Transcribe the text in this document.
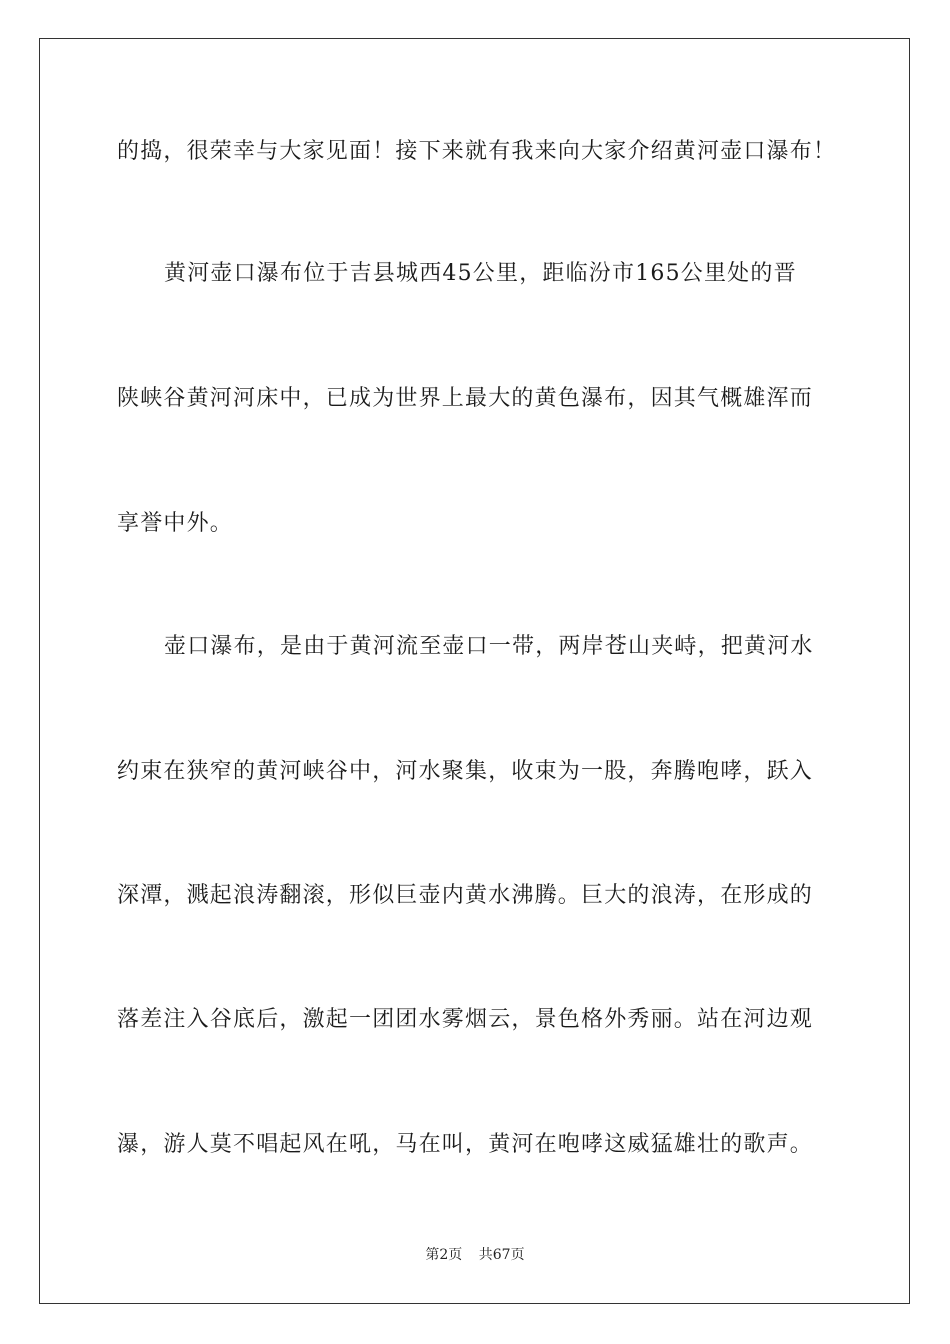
的捣，很荣幸与大家见面！接下来就有我来向大家介绍黄河壶口瀑布！
黄河壶口瀑布位于吉县城西45公里，距临汾市165公里处的晋
陕峡谷黄河河床中，已成为世界上最大的黄色瀑布，因其气概雄浑而
享誉中外。
壶口瀑布，是由于黄河流至壶口一带，两岸苍山夹峙，把黄河水
约束在狭窄的黄河峡谷中，河水聚集，收束为一股，奔腾咆哮，跃入
深潭，溅起浪涛翻滚，形似巨壶内黄水沸腾。巨大的浪涛，在形成的
落差注入谷底后，激起一团团水雾烟云，景色格外秀丽。站在河边观
瀑，游人莫不唱起风在吼，马在叫，黄河在咆哮这威猛雄壮的歌声。
第2页 共67页
